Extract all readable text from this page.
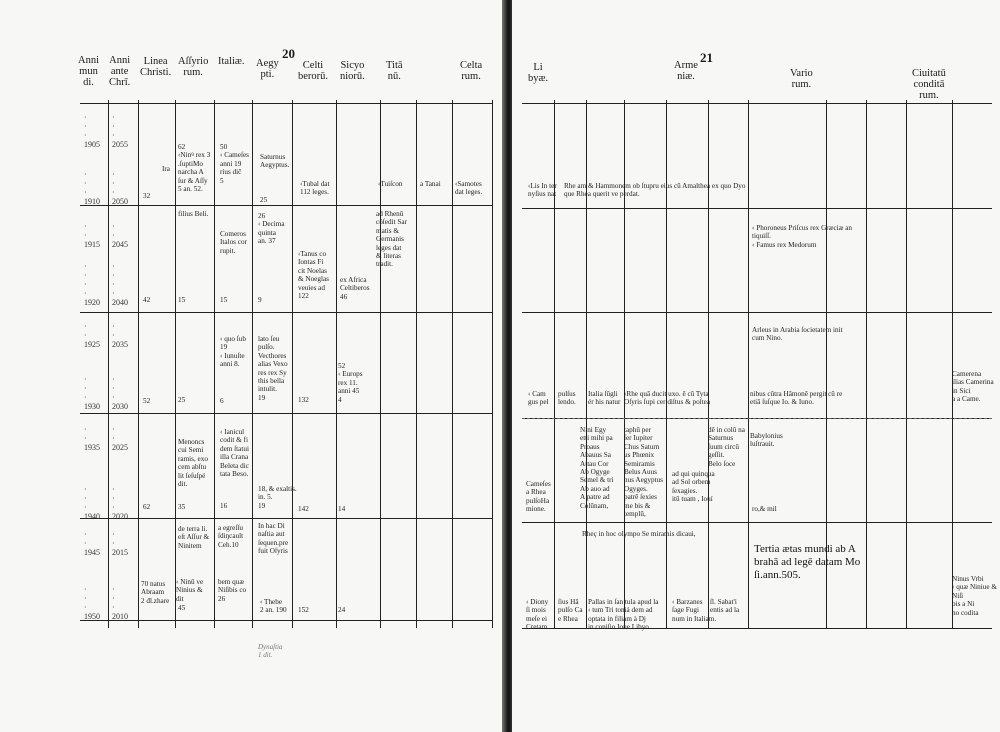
20
Anni
mun
di.
Anni
ante
Chrī.
Linea
Christi.
Aſſyrio
rum.
Italiæ. Aegy
pti.
Celti
berorū.
Sicyo
niorū.
Titā
nū.
Celta
rum.
·
·
·
1905
·
·
·
2055
·
·
·
1910
·
·
·
2050
·
·
1915
·
·
2045
·
·
·
·
1920
·
·
·
·
2040
·
·
1925
·
·
2035
·
·
·
1930
·
·
·
2030
·
·
1935
·
·
2025
·
·
·
1940
·
·
·
2020
·
·
1945
·
·
2015
·
·
·
1950
·
·
·
2010
Ira
32
42
52
62
70 natus
Abraam
2 đl.zhare
62
‹Ninꝰ rex 3
.ſuptiMo
narcha A
ſur & Aſſy
5 an. 52.
filius Beli.
15
25
Menoncs
cui Semi
ramis, exo
cem abſtu
lit ſeſuſpé
dit.
35
de terra li.
eſt Aſſur &
Ninitem
‹ Ninū ve
Ninius &
dit
45
50
‹ Cameſes
anni 19
rius dič
5
Comeros
Italos cor
rupit.
15
‹ quo ſub
19
‹ Iunuſte
anni 8.
6
‹ Ianicul
codit & fi
dem ſtatui
illa Crana
Beleta dic
tata Beso.
16
a egreſſu
ſdiŋcault
Ceh.10
bem quæ
Niſibis co
26
Saturnus
Aegyptus.
25
26
‹ Decima
quinta
an. 37
9
lato ſeu
pulſo.
Vecthores
alias Vexo
res rex Sy
this bella
intulit.
19
18, & exaltis.
in. 5.
19
In hac Di
naſtia aut
ſequen.pre
fuit Oſyris
‹ Thebe
2 an. 190
‹Tubal dat
112 leges.
‹Tanus co
Iontas Fi
cit Noelas
& Noeglas
veuies ad
122
132
142
152
ex Africa
Celtiberos
46
52
‹ Europs
rex 11.
anni 45
4
14
24
‹Tuiſcon
ad Rhenū
cóſedit Sar
matis &
Germanis
leges dat
& literas
tradit.
a Tanai ‹Samotes
dat leges.
Dynaſtia
1 dit.
21
Li
byæ.
Arme
niæ.	Vario
rum.
Ciuitatū
conditā
rum.
‹Lis In ter
nyſius nat
Rhe am & Hammonem ob ſtupru eius cū Amalthea ex quo Dyo
que Rhea querit ve perdat.
‹ Phoroneus Priſcus rex Græciæ an
tiquiſſ.
‹ Famus rex Medorum
Arleus in Arabia ſocietatem init
cum Nino.
‹ Cam
gus pel
pulſus
lendo.
Italia ſūgli
ér his natur
‹Rhe quā ducit uxo. ẽ cū Tyta
Oſyris ſupi cer diſtus & poſtea
nibus cũtra Hãmonẽ pergit cū re
etiā ſuſque Io. & Iuno.
Cameſes
a Rhea
pulſoHa
mione.
Nini Egy
etti mihi pa
Proaus
Abauus Sa
Attau Cor
Ab Ogyge
Semel & tri
Ab auo ad
A patre ad
Colūnam,
taphū per
ſer Iupiter
Chus Saturn
us Phœnix
Semiramis
Belus Auus
nus Aegyptus
Ogyges.
patrē ſexies
me bis &
templū,
ad qui quinqua
ad Sol orbem
ſexagies.
itũ tuam , Iouí
dẽ in colū na
Saturnus
ſuum circū
geſſit.
Belo ſoce
Babylonius
luſtrauit.
ro,& mil
Camerena
ilias Camerina
in Sici
a a Came.
Rheç in hoc olympo Se miramis dicaui,
Tertia ætas mundi ab A
brahā ad legē datam Mo
ſi.ann.505.
‹ Diony
ſi mois
meſe ei
Cretam
ſius Hã
pulſo Ca
e Rhea
Pallas in ſan tula apud la
‹ tum Tri toniá dem ad
optata in filiam à Dj
in coniſio Ioue Libyo.
‹ Barzanes
ſage Fugi
num in Italiam.
ſl. Sabat'i
entis ad la
Ninus Vrbi
‹ quæ Niniue & Niſi
bis a Ni
no codita
